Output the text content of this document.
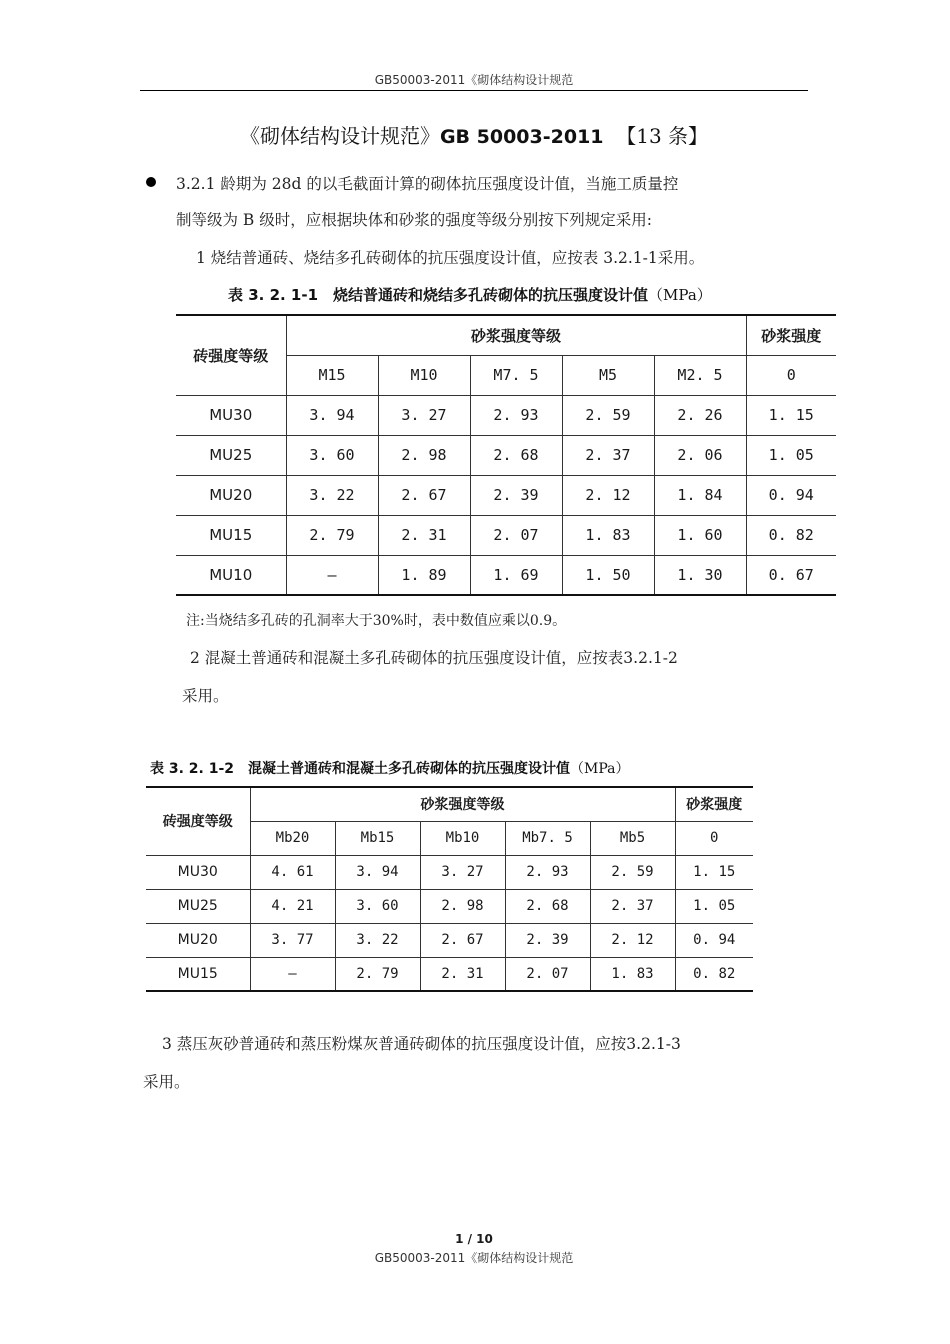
GB50003-2011《砌体结构设计规范
《砌体结构设计规范》GB 50003-2011 【13 条】
3.2.1 龄期为 28d 的以毛截面计算的砌体抗压强度设计值，当施工质量控
制等级为 B 级时，应根据块体和砂浆的强度等级分别按下列规定采用:
1 烧结普通砖、烧结多孔砖砌体的抗压强度设计值，应按表 3.2.1-1采用。
表 3. 2. 1-1　烧结普通砖和烧结多孔砖砌体的抗压强度设计值（MPa）
砖强度等级	砂浆强度等级					砂浆强度
	M15	M10	M7. 5	M5	M2. 5	0
MU30	3. 94	3. 27	2. 93	2. 59	2. 26	1. 15
MU25	3. 60	2. 98	2. 68	2. 37	2. 06	1. 05
MU20	3. 22	2. 67	2. 39	2. 12	1. 84	0. 94
MU15	2. 79	2. 31	2. 07	1. 83	1. 60	0. 82
MU10	—	1. 89	1. 69	1. 50	1. 30	0. 67
注:当烧结多孔砖的孔洞率大于30%时，表中数值应乘以0.9。
2 混凝土普通砖和混凝土多孔砖砌体的抗压强度设计值，应按表3.2.1-2
采用。
表 3. 2. 1-2　混凝土普通砖和混凝土多孔砖砌体的抗压强度设计值（MPa）
砖强度等级	砂浆强度等级					砂浆强度
	Mb20	Mb15	Mb10	Mb7. 5	Mb5	0
MU30	4. 61	3. 94	3. 27	2. 93	2. 59	1. 15
MU25	4. 21	3. 60	2. 98	2. 68	2. 37	1. 05
MU20	3. 77	3. 22	2. 67	2. 39	2. 12	0. 94
MU15	—	2. 79	2. 31	2. 07	1. 83	0. 82
3 蒸压灰砂普通砖和蒸压粉煤灰普通砖砌体的抗压强度设计值，应按3.2.1-3
采用。
1 / 10
GB50003-2011《砌体结构设计规范
